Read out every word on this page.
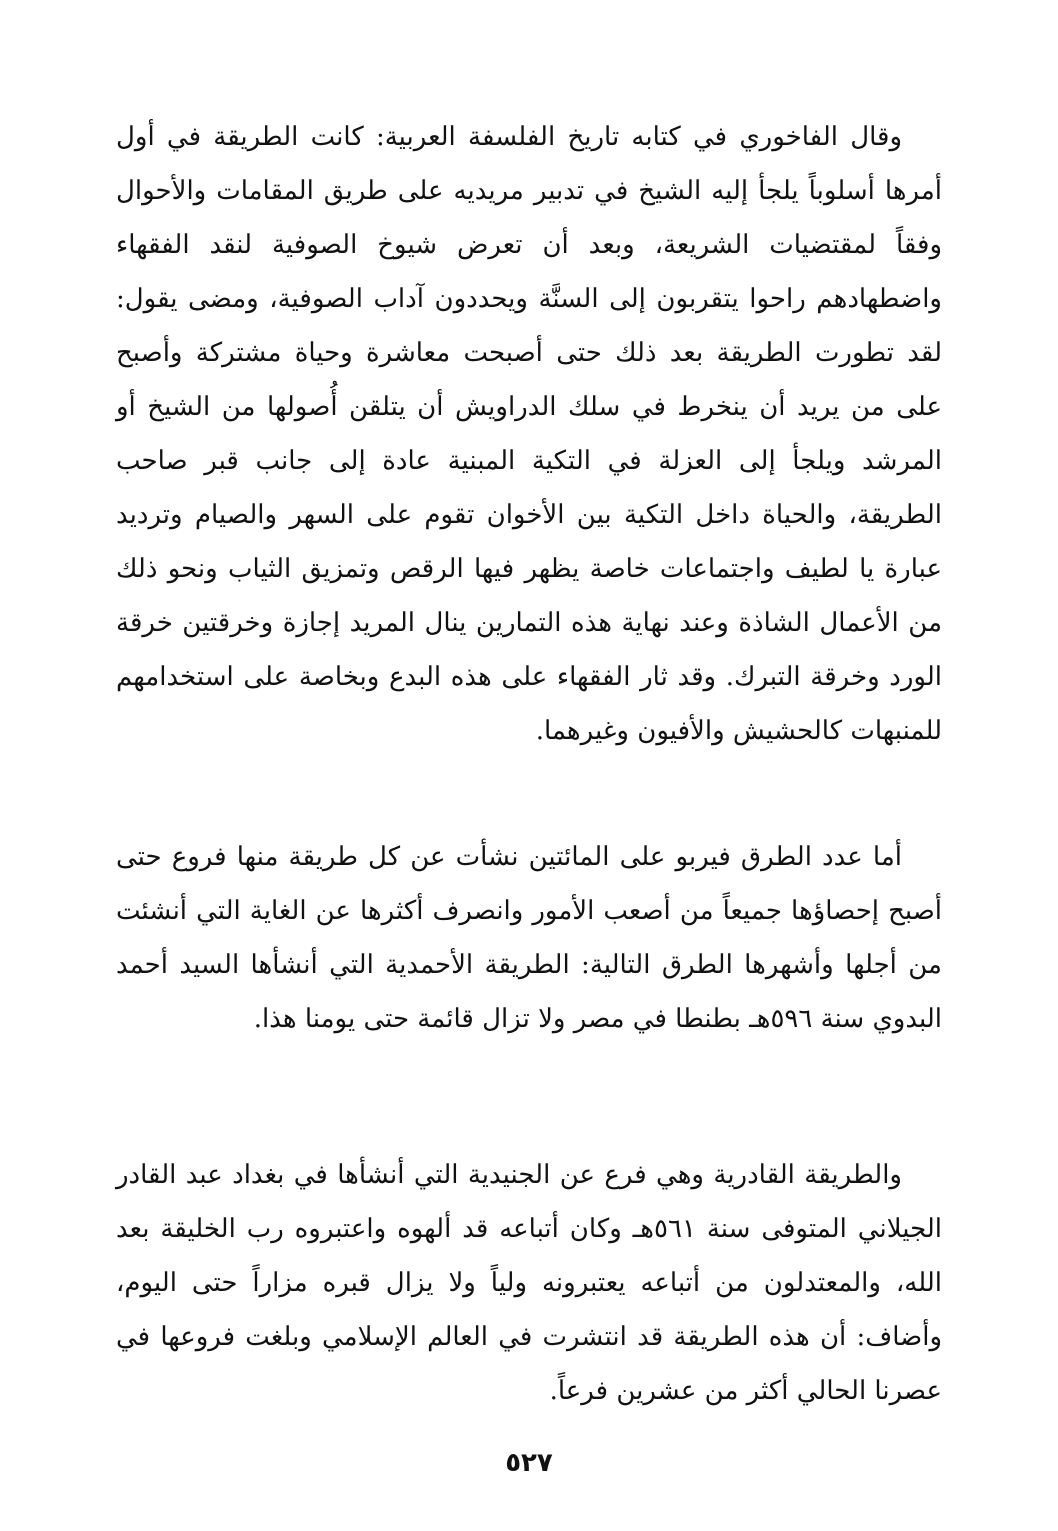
وقال الفاخوري في كتابه تاريخ الفلسفة العربية: كانت الطريقة في أول أمرها أسلوباً يلجأ إليه الشيخ في تدبير مريديه على طريق المقامات والأحوال وفقاً لمقتضيات الشريعة، وبعد أن تعرض شيوخ الصوفية لنقد الفقهاء واضطهادهم راحوا يتقربون إلى السنَّة ويحددون آداب الصوفية، ومضى يقول: لقد تطورت الطريقة بعد ذلك حتى أصبحت معاشرة وحياة مشتركة وأصبح على من يريد أن ينخرط في سلك الدراويش أن يتلقن أُصولها من الشيخ أو المرشد ويلجأ إلى العزلة في التكية المبنية عادة إلى جانب قبر صاحب الطريقة، والحياة داخل التكية بين الأخوان تقوم على السهر والصيام وترديد عبارة يا لطيف واجتماعات خاصة يظهر فيها الرقص وتمزيق الثياب ونحو ذلك من الأعمال الشاذة وعند نهاية هذه التمارين ينال المريد إجازة وخرقتين خرقة الورد وخرقة التبرك. وقد ثار الفقهاء على هذه البدع وبخاصة على استخدامهم للمنبهات كالحشيش والأفيون وغيرهما.

أما عدد الطرق فيربو على المائتين نشأت عن كل طريقة منها فروع حتى أصبح إحصاؤها جميعاً من أصعب الأمور وانصرف أكثرها عن الغاية التي أنشئت من أجلها وأشهرها الطرق التالية: الطريقة الأحمدية التي أنشأها السيد أحمد البدوي سنة ٥٩٦هـ بطنطا في مصر ولا تزال قائمة حتى يومنا هذا.

والطريقة القادرية وهي فرع عن الجنيدية التي أنشأها في بغداد عبد القادر الجيلاني المتوفى سنة ٥٦١هـ وكان أتباعه قد ألهوه واعتبروه رب الخليقة بعد الله، والمعتدلون من أتباعه يعتبرونه ولياً ولا يزال قبره مزاراً حتى اليوم، وأضاف: أن هذه الطريقة قد انتشرت في العالم الإسلامي وبلغت فروعها في عصرنا الحالي أكثر من عشرين فرعاً.

٥٢٧
